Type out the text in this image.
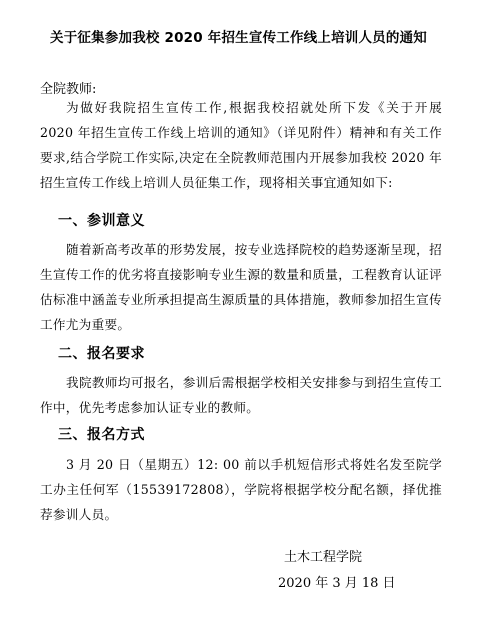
关于征集参加我校 2020 年招生宣传工作线上培训人员的通知
全院教师:
为做好我院招生宣传工作,根据我校招就处所下发《关于开展 2020 年招生宣传工作线上培训的通知》（详见附件）精神和有关工作要求,结合学院工作实际,决定在全院教师范围内开展参加我校 2020 年招生宣传工作线上培训人员征集工作，现将相关事宜通知如下:
一、参训意义
随着新高考改革的形势发展，按专业选择院校的趋势逐渐呈现，招生宣传工作的优劣将直接影响专业生源的数量和质量，工程教育认证评估标准中涵盖专业所承担提高生源质量的具体措施，教师参加招生宣传工作尤为重要。
二、报名要求
我院教师均可报名，参训后需根据学校相关安排参与到招生宣传工作中，优先考虑参加认证专业的教师。
三、报名方式
3 月 20 日（星期五）12: 00 前以手机短信形式将姓名发至院学工办主任何军（15539172808），学院将根据学校分配名额，择优推荐参训人员。
土木工程学院
2020 年 3 月 18 日
